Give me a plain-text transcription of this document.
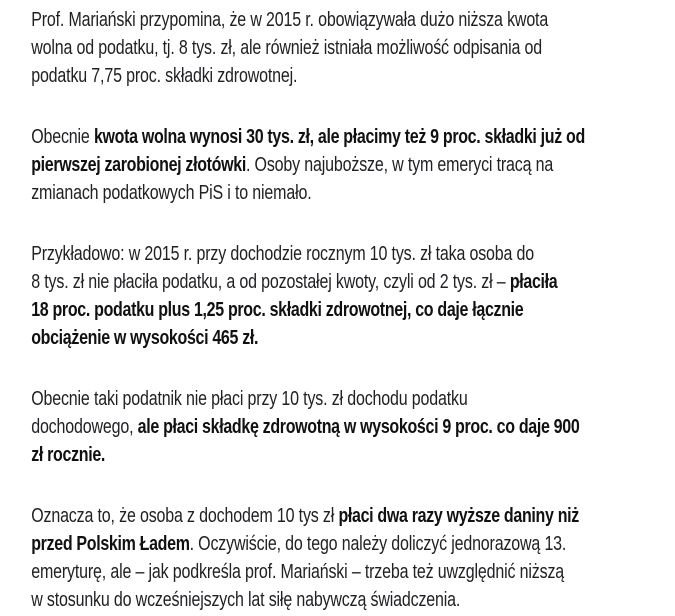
Prof. Mariański przypomina, że w 2015 r. obowiązywała dużo niższa kwota
wolna od podatku, tj. 8 tys. zł, ale również istniała możliwość odpisania od
podatku 7,75 proc. składki zdrowotnej.

Obecnie kwota wolna wynosi 30 tys. zł, ale płacimy też 9 proc. składki już od
pierwszej zarobionej złotówki. Osoby najuboższe, w tym emeryci tracą na
zmianach podatkowych PiS i to niemało.

Przykładowo: w 2015 r. przy dochodzie rocznym 10 tys. zł taka osoba do
8 tys. zł nie płaciła podatku, a od pozostałej kwoty, czyli od 2 tys. zł – płaciła
18 proc. podatku plus 1,25 proc. składki zdrowotnej, co daje łącznie
obciążenie w wysokości 465 zł.

Obecnie taki podatnik nie płaci przy 10 tys. zł dochodu podatku
dochodowego, ale płaci składkę zdrowotną w wysokości 9 proc. co daje 900
zł rocznie.

Oznacza to, że osoba z dochodem 10 tys zł płaci dwa razy wyższe daniny niż
przed Polskim Ładem. Oczywiście, do tego należy doliczyć jednorazową 13.
emeryturę, ale – jak podkreśla prof. Mariański – trzeba też uwzględnić niższą
w stosunku do wcześniejszych lat siłę nabywczą świadczenia.
